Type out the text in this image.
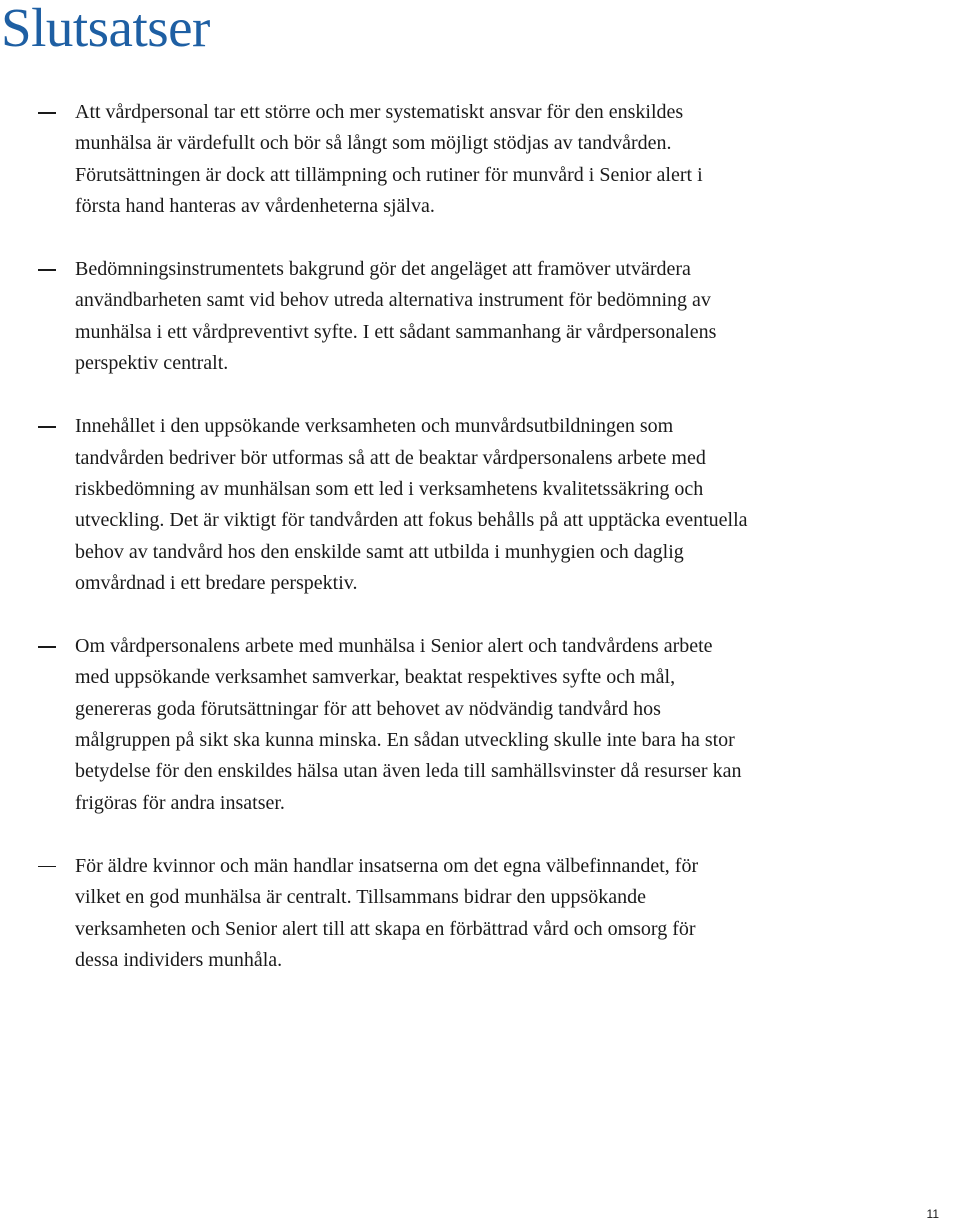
Slutsatser
Att vårdpersonal tar ett större och mer systematiskt ansvar för den enskildes munhälsa är värdefullt och bör så långt som möjligt stödjas av tandvården. Förutsättningen är dock att tillämpning och rutiner för munvård i Senior alert i första hand hanteras av vårdenheterna själva.
Bedömningsinstrumentets bakgrund gör det angeläget att framöver utvärdera användbarheten samt vid behov utreda alternativa instrument för bedömning av munhälsa i ett vårdpreventivt syfte. I ett sådant sammanhang är vårdpersonalens perspektiv centralt.
Innehållet i den uppsökande verksamheten och munvårdsutbildningen som tandvården bedriver bör utformas så att de beaktar vårdpersonalens arbete med riskbedömning av munhälsan som ett led i verksamhetens kvalitetssäkring och utveckling. Det är viktigt för tandvården att fokus behålls på att upptäcka eventuella behov av tandvård hos den enskilde samt att utbilda i munhygien och daglig omvårdnad i ett bredare perspektiv.
Om vårdpersonalens arbete med munhälsa i Senior alert och tandvårdens arbete med uppsökande verksamhet samverkar, beaktat respektives syfte och mål, genereras goda förutsättningar för att behovet av nödvändig tandvård hos målgruppen på sikt ska kunna minska. En sådan utveckling skulle inte bara ha stor betydelse för den enskildes hälsa utan även leda till samhällsvinster då resurser kan frigöras för andra insatser.
För äldre kvinnor och män handlar insatserna om det egna välbefinnandet, för vilket en god munhälsa är centralt. Tillsammans bidrar den uppsökande verksamheten och Senior alert till att skapa en förbättrad vård och omsorg för dessa individers munhåla.
11
